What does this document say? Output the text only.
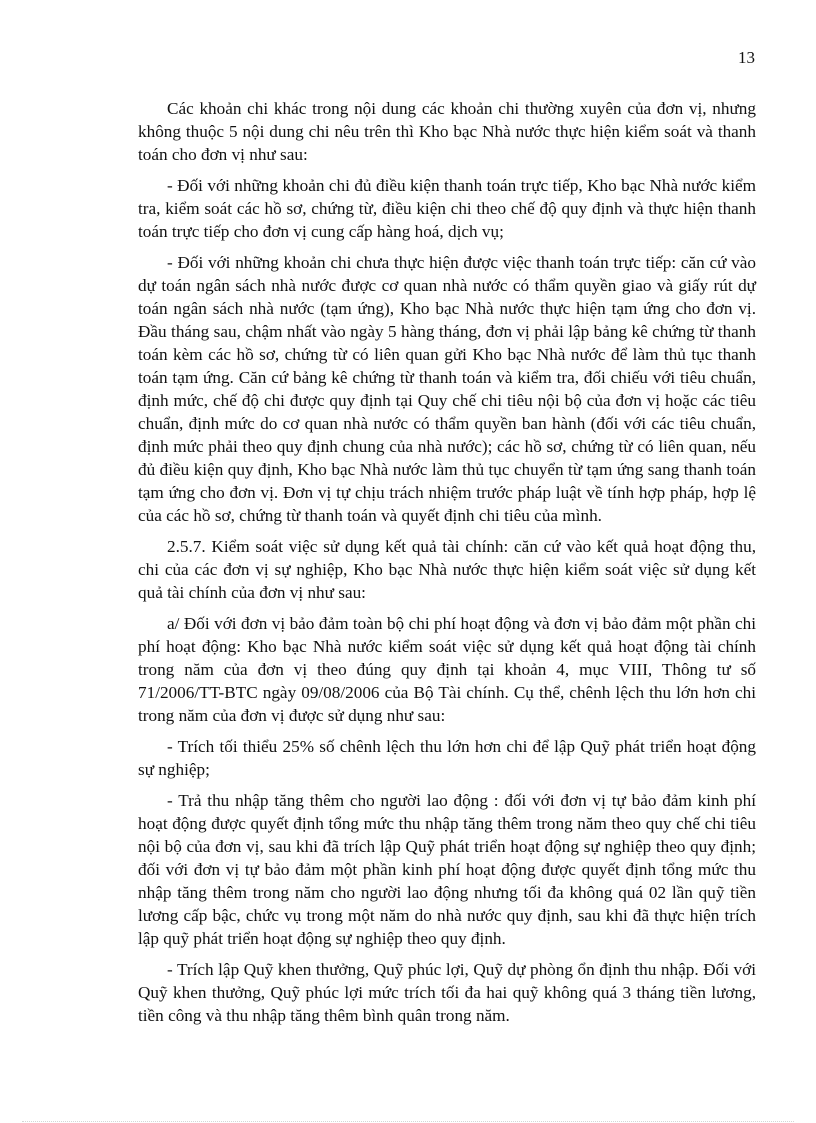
13

Các khoản chi khác trong nội dung các khoản chi thường xuyên của đơn vị, nhưng không thuộc 5 nội dung chi nêu trên thì Kho bạc Nhà nước thực hiện kiểm soát và thanh toán cho đơn vị như sau:

- Đối với những khoản chi đủ điều kiện thanh toán trực tiếp, Kho bạc Nhà nước kiểm tra, kiểm soát các hồ sơ, chứng từ, điều kiện chi theo chế độ quy định và thực hiện thanh toán trực tiếp cho đơn vị cung cấp hàng hoá, dịch vụ;

- Đối với những khoản chi chưa thực hiện được việc thanh toán trực tiếp: căn cứ vào dự toán ngân sách nhà nước được cơ quan nhà nước có thẩm quyền giao và giấy rút dự toán ngân sách nhà nước (tạm ứng), Kho bạc Nhà nước thực hiện tạm ứng cho đơn vị. Đầu tháng sau, chậm nhất vào ngày 5 hàng tháng, đơn vị phải lập bảng kê chứng từ thanh toán kèm các hồ sơ, chứng từ có liên quan gửi Kho bạc Nhà nước để làm thủ tục thanh toán tạm ứng. Căn cứ bảng kê chứng từ thanh toán và kiểm tra, đối chiếu với tiêu chuẩn, định mức, chế độ chi được quy định tại Quy chế chi tiêu nội bộ của đơn vị hoặc các tiêu chuẩn, định mức do cơ quan nhà nước có thẩm quyền ban hành (đối với các tiêu chuẩn, định mức phải theo quy định chung của nhà nước); các hồ sơ, chứng từ có liên quan, nếu đủ điều kiện quy định, Kho bạc Nhà nước làm thủ tục chuyển từ tạm ứng sang thanh toán tạm ứng cho đơn vị. Đơn vị tự chịu trách nhiệm trước pháp luật về tính hợp pháp, hợp lệ của các hồ sơ, chứng từ thanh toán và quyết định chi tiêu của mình.

2.5.7. Kiểm soát việc sử dụng kết quả tài chính: căn cứ vào kết quả hoạt động thu, chi của các đơn vị sự nghiệp, Kho bạc Nhà nước thực hiện kiểm soát việc sử dụng kết quả tài chính của đơn vị như sau:

a/ Đối với đơn vị bảo đảm toàn bộ chi phí hoạt động và đơn vị bảo đảm một phần chi phí hoạt động: Kho bạc Nhà nước kiểm soát việc sử dụng kết quả hoạt động tài chính trong năm của đơn vị theo đúng quy định tại khoản 4, mục VIII, Thông tư số 71/2006/TT-BTC ngày 09/08/2006 của Bộ Tài chính. Cụ thể, chênh lệch thu lớn hơn chi trong năm của đơn vị được sử dụng như sau:

- Trích tối thiểu 25% số chênh lệch thu lớn hơn chi để lập Quỹ phát triển hoạt động sự nghiệp;

- Trả thu nhập tăng thêm cho người lao động : đối với đơn vị tự bảo đảm kinh phí hoạt động được quyết định tổng mức thu nhập tăng thêm trong năm theo quy chế chi tiêu nội bộ của đơn vị, sau khi đã trích lập Quỹ phát triển hoạt động sự nghiệp theo quy định; đối với đơn vị tự bảo đảm một phần kinh phí hoạt động được quyết định tổng mức thu nhập tăng thêm trong năm cho người lao động nhưng tối đa không quá 02 lần quỹ tiền lương cấp bậc, chức vụ trong một năm do nhà nước quy định, sau khi đã thực hiện trích lập quỹ phát triển hoạt động sự nghiệp theo quy định.

- Trích lập Quỹ khen thưởng, Quỹ phúc lợi, Quỹ dự phòng ổn định thu nhập. Đối với Quỹ khen thưởng, Quỹ phúc lợi mức trích tối đa hai quỹ không quá 3 tháng tiền lương, tiền công và thu nhập tăng thêm bình quân trong năm.
